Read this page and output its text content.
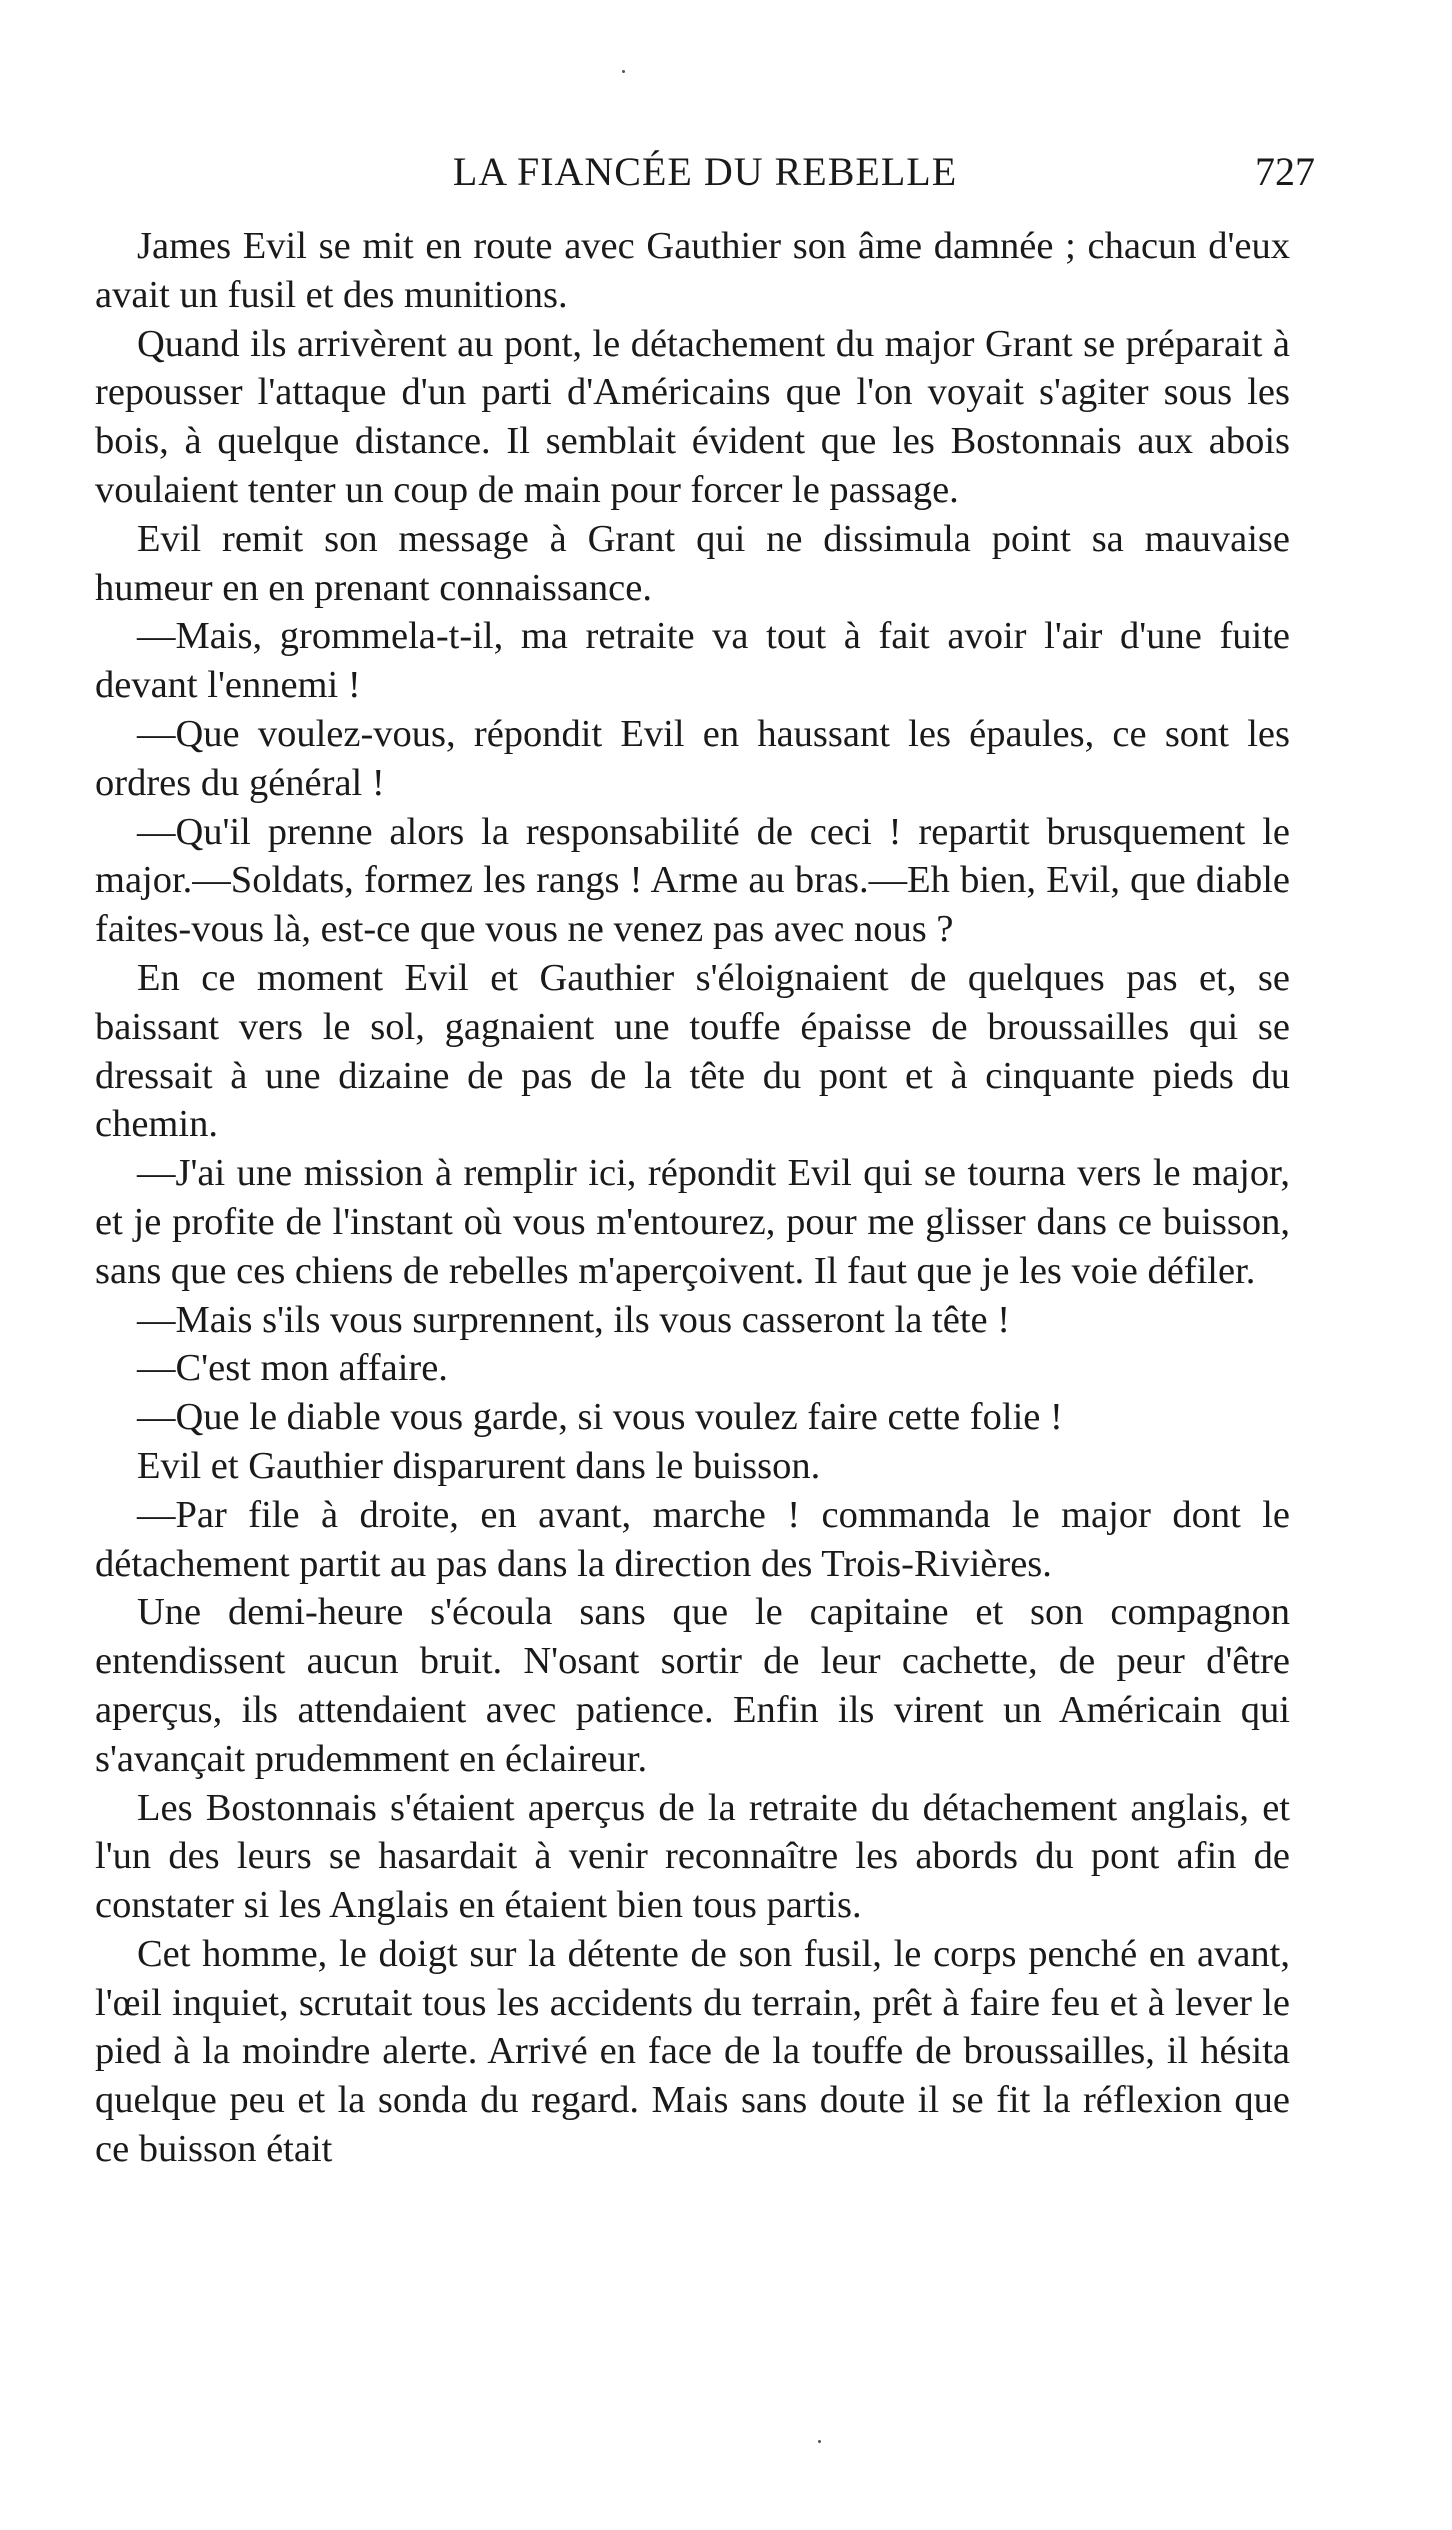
LA FIANCÉE DU REBELLE	727

James Evil se mit en route avec Gauthier son âme damnée ; chacun d'eux avait un fusil et des munitions.

Quand ils arrivèrent au pont, le détachement du major Grant se préparait à repousser l'attaque d'un parti d'Américains que l'on voyait s'agiter sous les bois, à quelque distance. Il semblait évident que les Bostonnais aux abois voulaient tenter un coup de main pour forcer le passage.

Evil remit son message à Grant qui ne dissimula point sa mauvaise humeur en en prenant connaissance.

—Mais, grommela-t-il, ma retraite va tout à fait avoir l'air d'une fuite devant l'ennemi !

—Que voulez-vous, répondit Evil en haussant les épaules, ce sont les ordres du général !

—Qu'il prenne alors la responsabilité de ceci ! repartit brusquement le major.—Soldats, formez les rangs ! Arme au bras.—Eh bien, Evil, que diable faites-vous là, est-ce que vous ne venez pas avec nous ?

En ce moment Evil et Gauthier s'éloignaient de quelques pas et, se baissant vers le sol, gagnaient une touffe épaisse de broussailles qui se dressait à une dizaine de pas de la tête du pont et à cinquante pieds du chemin.

—J'ai une mission à remplir ici, répondit Evil qui se tourna vers le major, et je profite de l'instant où vous m'entourez, pour me glisser dans ce buisson, sans que ces chiens de rebelles m'aperçoivent. Il faut que je les voie défiler.

—Mais s'ils vous surprennent, ils vous casseront la tête !

—C'est mon affaire.

—Que le diable vous garde, si vous voulez faire cette folie !

Evil et Gauthier disparurent dans le buisson.

—Par file à droite, en avant, marche ! commanda le major dont le détachement partit au pas dans la direction des Trois-Rivières.

Une demi-heure s'écoula sans que le capitaine et son compagnon entendissent aucun bruit. N'osant sortir de leur cachette, de peur d'être aperçus, ils attendaient avec patience. Enfin ils virent un Américain qui s'avançait prudemment en éclaireur.

Les Bostonnais s'étaient aperçus de la retraite du détachement anglais, et l'un des leurs se hasardait à venir reconnaître les abords du pont afin de constater si les Anglais en étaient bien tous partis.

Cet homme, le doigt sur la détente de son fusil, le corps penché en avant, l'œil inquiet, scrutait tous les accidents du terrain, prêt à faire feu et à lever le pied à la moindre alerte. Arrivé en face de la touffe de broussailles, il hésita quelque peu et la sonda du regard. Mais sans doute il se fit la réflexion que ce buisson était
